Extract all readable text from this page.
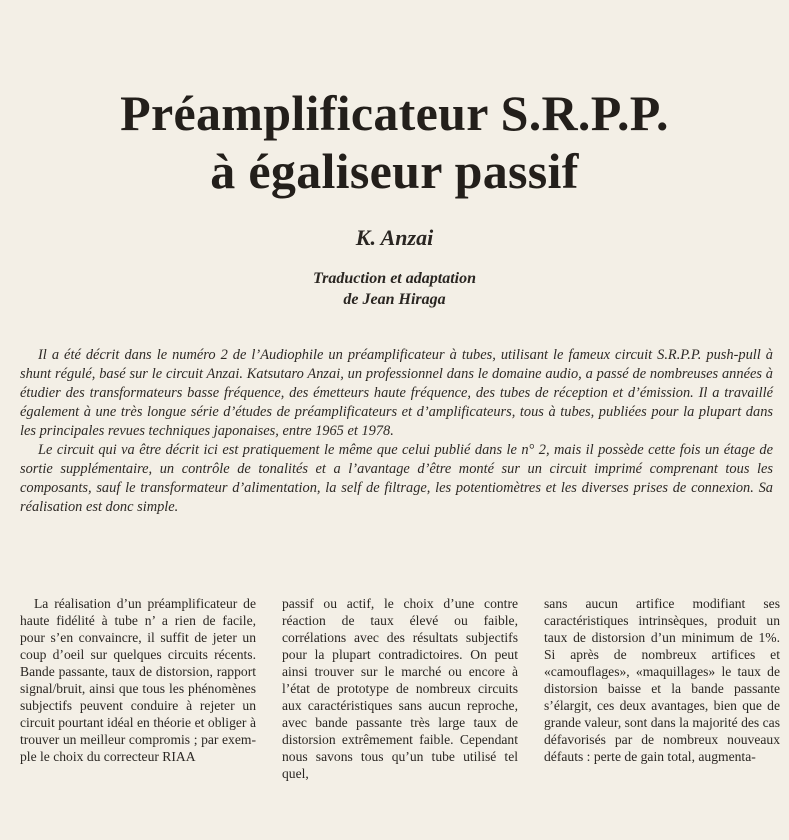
Préamplificateur S.R.P.P.
à égaliseur passif
K. Anzai
Traduction et adaptation
de Jean Hiraga

Il a été décrit dans le numéro 2 de l’Audiophile un préamplificateur à tubes, utilisant le fameux circuit S.R.P.P. push-pull à shunt régulé, basé sur le circuit Anzai. Katsutaro Anzai, un professionnel dans le domaine audio, a passé de nombreuses années à étudier des transformateurs basse fréquence, des émetteurs haute fréquence, des tubes de réception et d’émission. Il a travaillé également à une très longue série d’études de préamplificateurs et d’amplificateurs, tous à tubes, publiées pour la plupart dans les principales revues techniques japonaises, entre 1965 et 1978.

Le circuit qui va être décrit ici est pratiquement le même que celui publié dans le n° 2, mais il possède cette fois un étage de sortie supplémentaire, un contrôle de tonalités et a l’avantage d’être monté sur un circuit imprimé comprenant tous les composants, sauf le transformateur d’alimentation, la self de filtrage, les potentiomètres et les diverses prises de connexion. Sa réalisation est donc simple.

La réalisation d’un préamplificateur de haute fidélité à tube n’ a rien de facile, pour s’en convaincre, il suffit de jeter un coup d’oeil sur quelques circuits récents. Bande passante, taux de distorsion, rapport signal/bruit, ainsi que tous les phénomènes subjectifs peuvent conduire à rejeter un circuit pourtant idéal en théorie et obliger à trouver un meilleur compromis ; par exemple le choix du correcteur RIAA

passif ou actif, le choix d’une contre réaction de taux élevé ou faible, corrélations avec des résultats subjectifs pour la plupart contradictoires. On peut ainsi trouver sur le marché ou encore à l’état de prototype de nombreux circuits aux caractéristiques sans aucun reproche, avec bande passante très large taux de distorsion extrêmement faible. Cependant nous savons tous qu’un tube utilisé tel quel,

sans aucun artifice modifiant ses caractéristiques intrinsèques, produit un taux de distorsion d’un minimum de 1%. Si après de nombreux artifices et «camouflages», «maquillages» le taux de distorsion baisse et la bande passante s’élargit, ces deux avantages, bien que de grande valeur, sont dans la majorité des cas défavorisés par de nombreux nouveaux défauts : perte de gain total, augmenta-
